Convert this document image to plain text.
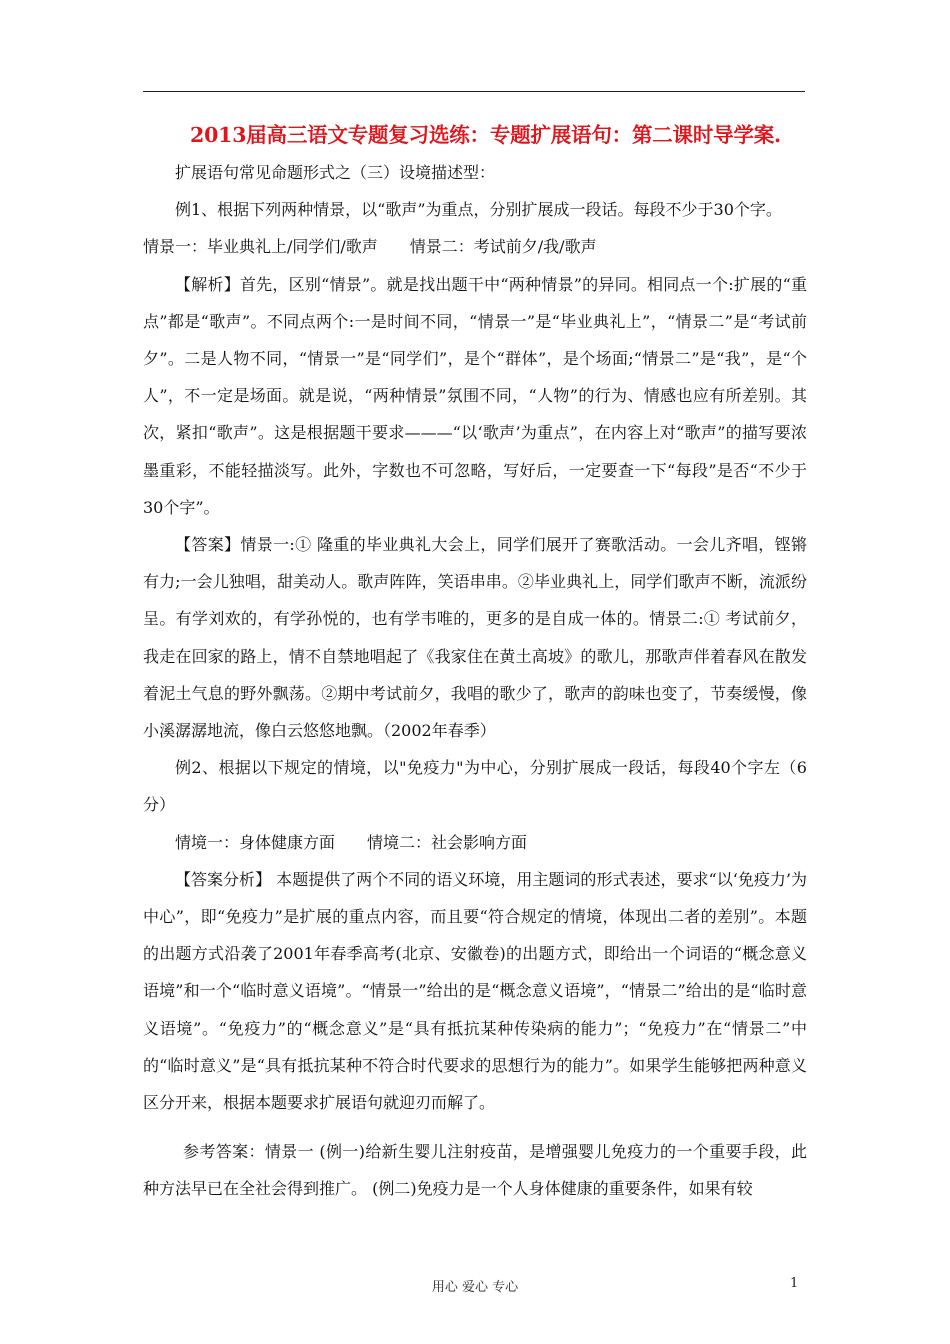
2013届高三语文专题复习选练：专题扩展语句：第二课时导学案.

扩展语句常见命题形式之（三）设境描述型：

例1、根据下列两种情景，以“歌声”为重点，分别扩展成一段话。每段不少于30个字。

情景一：毕业典礼上/同学们/歌声　　情景二：考试前夕/我/歌声

【解析】首先，区别“情景”。就是找出题干中“两种情景”的异同。相同点一个:扩展的“重点”都是“歌声”。不同点两个:一是时间不同，“情景一”是“毕业典礼上”，“情景二”是“考试前夕”。二是人物不同，“情景一”是“同学们”，是个“群体”，是个场面;“情景二”是“我”，是“个人”，不一定是场面。就是说，“两种情景”氛围不同，“人物”的行为、情感也应有所差别。其次，紧扣“歌声”。这是根据题干要求———“以‘歌声’为重点”，在内容上对“歌声”的描写要浓墨重彩，不能轻描淡写。此外，字数也不可忽略，写好后，一定要查一下“每段”是否“不少于30个字”。

【答案】情景一:① 隆重的毕业典礼大会上，同学们展开了赛歌活动。一会儿齐唱，铿锵有力;一会儿独唱，甜美动人。歌声阵阵，笑语串串。②毕业典礼上，同学们歌声不断，流派纷呈。有学刘欢的，有学孙悦的，也有学韦唯的，更多的是自成一体的。情景二:① 考试前夕，我走在回家的路上，情不自禁地唱起了《我家住在黄土高坡》的歌儿，那歌声伴着春风在散发着泥土气息的野外飘荡。②期中考试前夕，我唱的歌少了，歌声的韵味也变了，节奏缓慢，像小溪潺潺地流，像白云悠悠地飘。（2002年春季）

例2、根据以下规定的情境，以"免疫力"为中心，分别扩展成一段话，每段40个字左（6分）

情境一：身体健康方面　　情境二：社会影响方面

【答案分析】 本题提供了两个不同的语义环境，用主题词的形式表述，要求“以‘免疫力’为中心”，即“免疫力”是扩展的重点内容，而且要“符合规定的情境，体现出二者的差别”。本题的出题方式沿袭了2001年春季高考(北京、安徽卷)的出题方式，即给出一个词语的“概念意义语境”和一个“临时意义语境”。“情景一”给出的是“概念意义语境”，“情景二”给出的是“临时意义语境”。“免疫力”的“概念意义”是“具有抵抗某种传染病的能力”；“免疫力”在“情景二”中的“临时意义”是“具有抵抗某种不符合时代要求的思想行为的能力”。如果学生能够把两种意义区分开来，根据本题要求扩展语句就迎刃而解了。

参考答案：情景一 (例一)给新生婴儿注射疫苗，是增强婴儿免疫力的一个重要手段，此种方法早已在全社会得到推广。 (例二)免疫力是一个人身体健康的重要条件，如果有较

用心 爱心 专心	1
